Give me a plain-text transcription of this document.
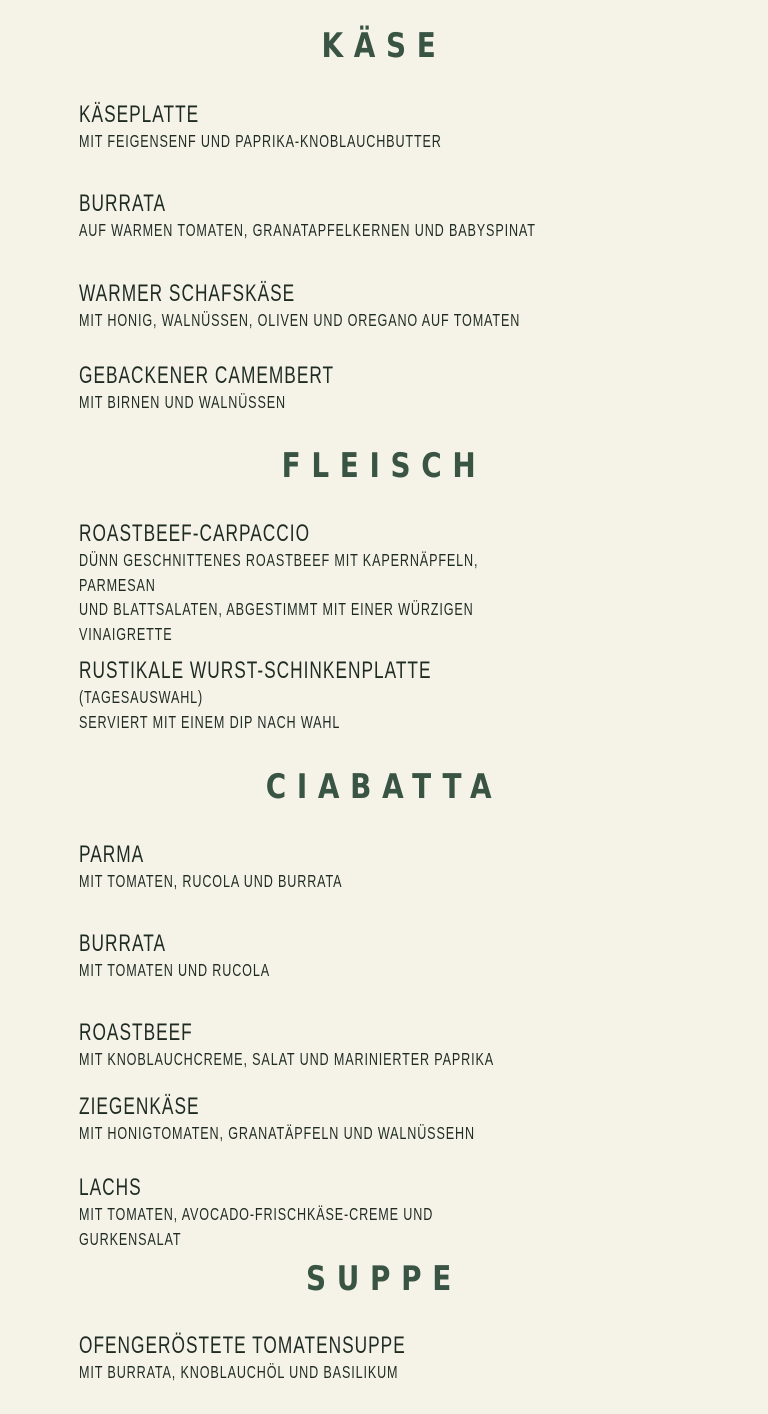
KÄSE
KÄSEPLATTE
MIT FEIGENSENF UND PAPRIKA-KNOBLAUCHBUTTER
BURRATA
AUF WARMEN TOMATEN, GRANATAPFELKERNEN UND BABYSPINAT
WARMER SCHAFSKÄSE
MIT HONIG, WALNÜSSEN, OLIVEN UND OREGANO AUF TOMATEN
GEBACKENER CAMEMBERT
MIT BIRNEN UND WALNÜSSEN
FLEISCH
ROASTBEEF-CARPACCIO
DÜNN GESCHNITTENES ROASTBEEF MIT KAPERNÄPFELN, PARMESAN
UND BLATTSALATEN, ABGESTIMMT MIT EINER WÜRZIGEN
VINAIGRETTE
RUSTIKALE WURST-SCHINKENPLATTE
(TAGESAUSWAHL)
SERVIERT MIT EINEM DIP NACH WAHL
CIABATTA
PARMA
MIT TOMATEN, RUCOLA UND BURRATA
BURRATA
MIT TOMATEN UND RUCOLA
ROASTBEEF
MIT KNOBLAUCHCREME, SALAT UND MARINIERTER PAPRIKA
ZIEGENKÄSE
MIT HONIGTOMATEN, GRANATÄPFELN UND WALNÜSSEHN
LACHS
MIT TOMATEN, AVOCADO-FRISCHKÄSE-CREME UND GURKENSALAT
SUPPE
OFENGERÖSTETE TOMATENSUPPE
MIT BURRATA, KNOBLAUCHÖL UND BASILIKUM
